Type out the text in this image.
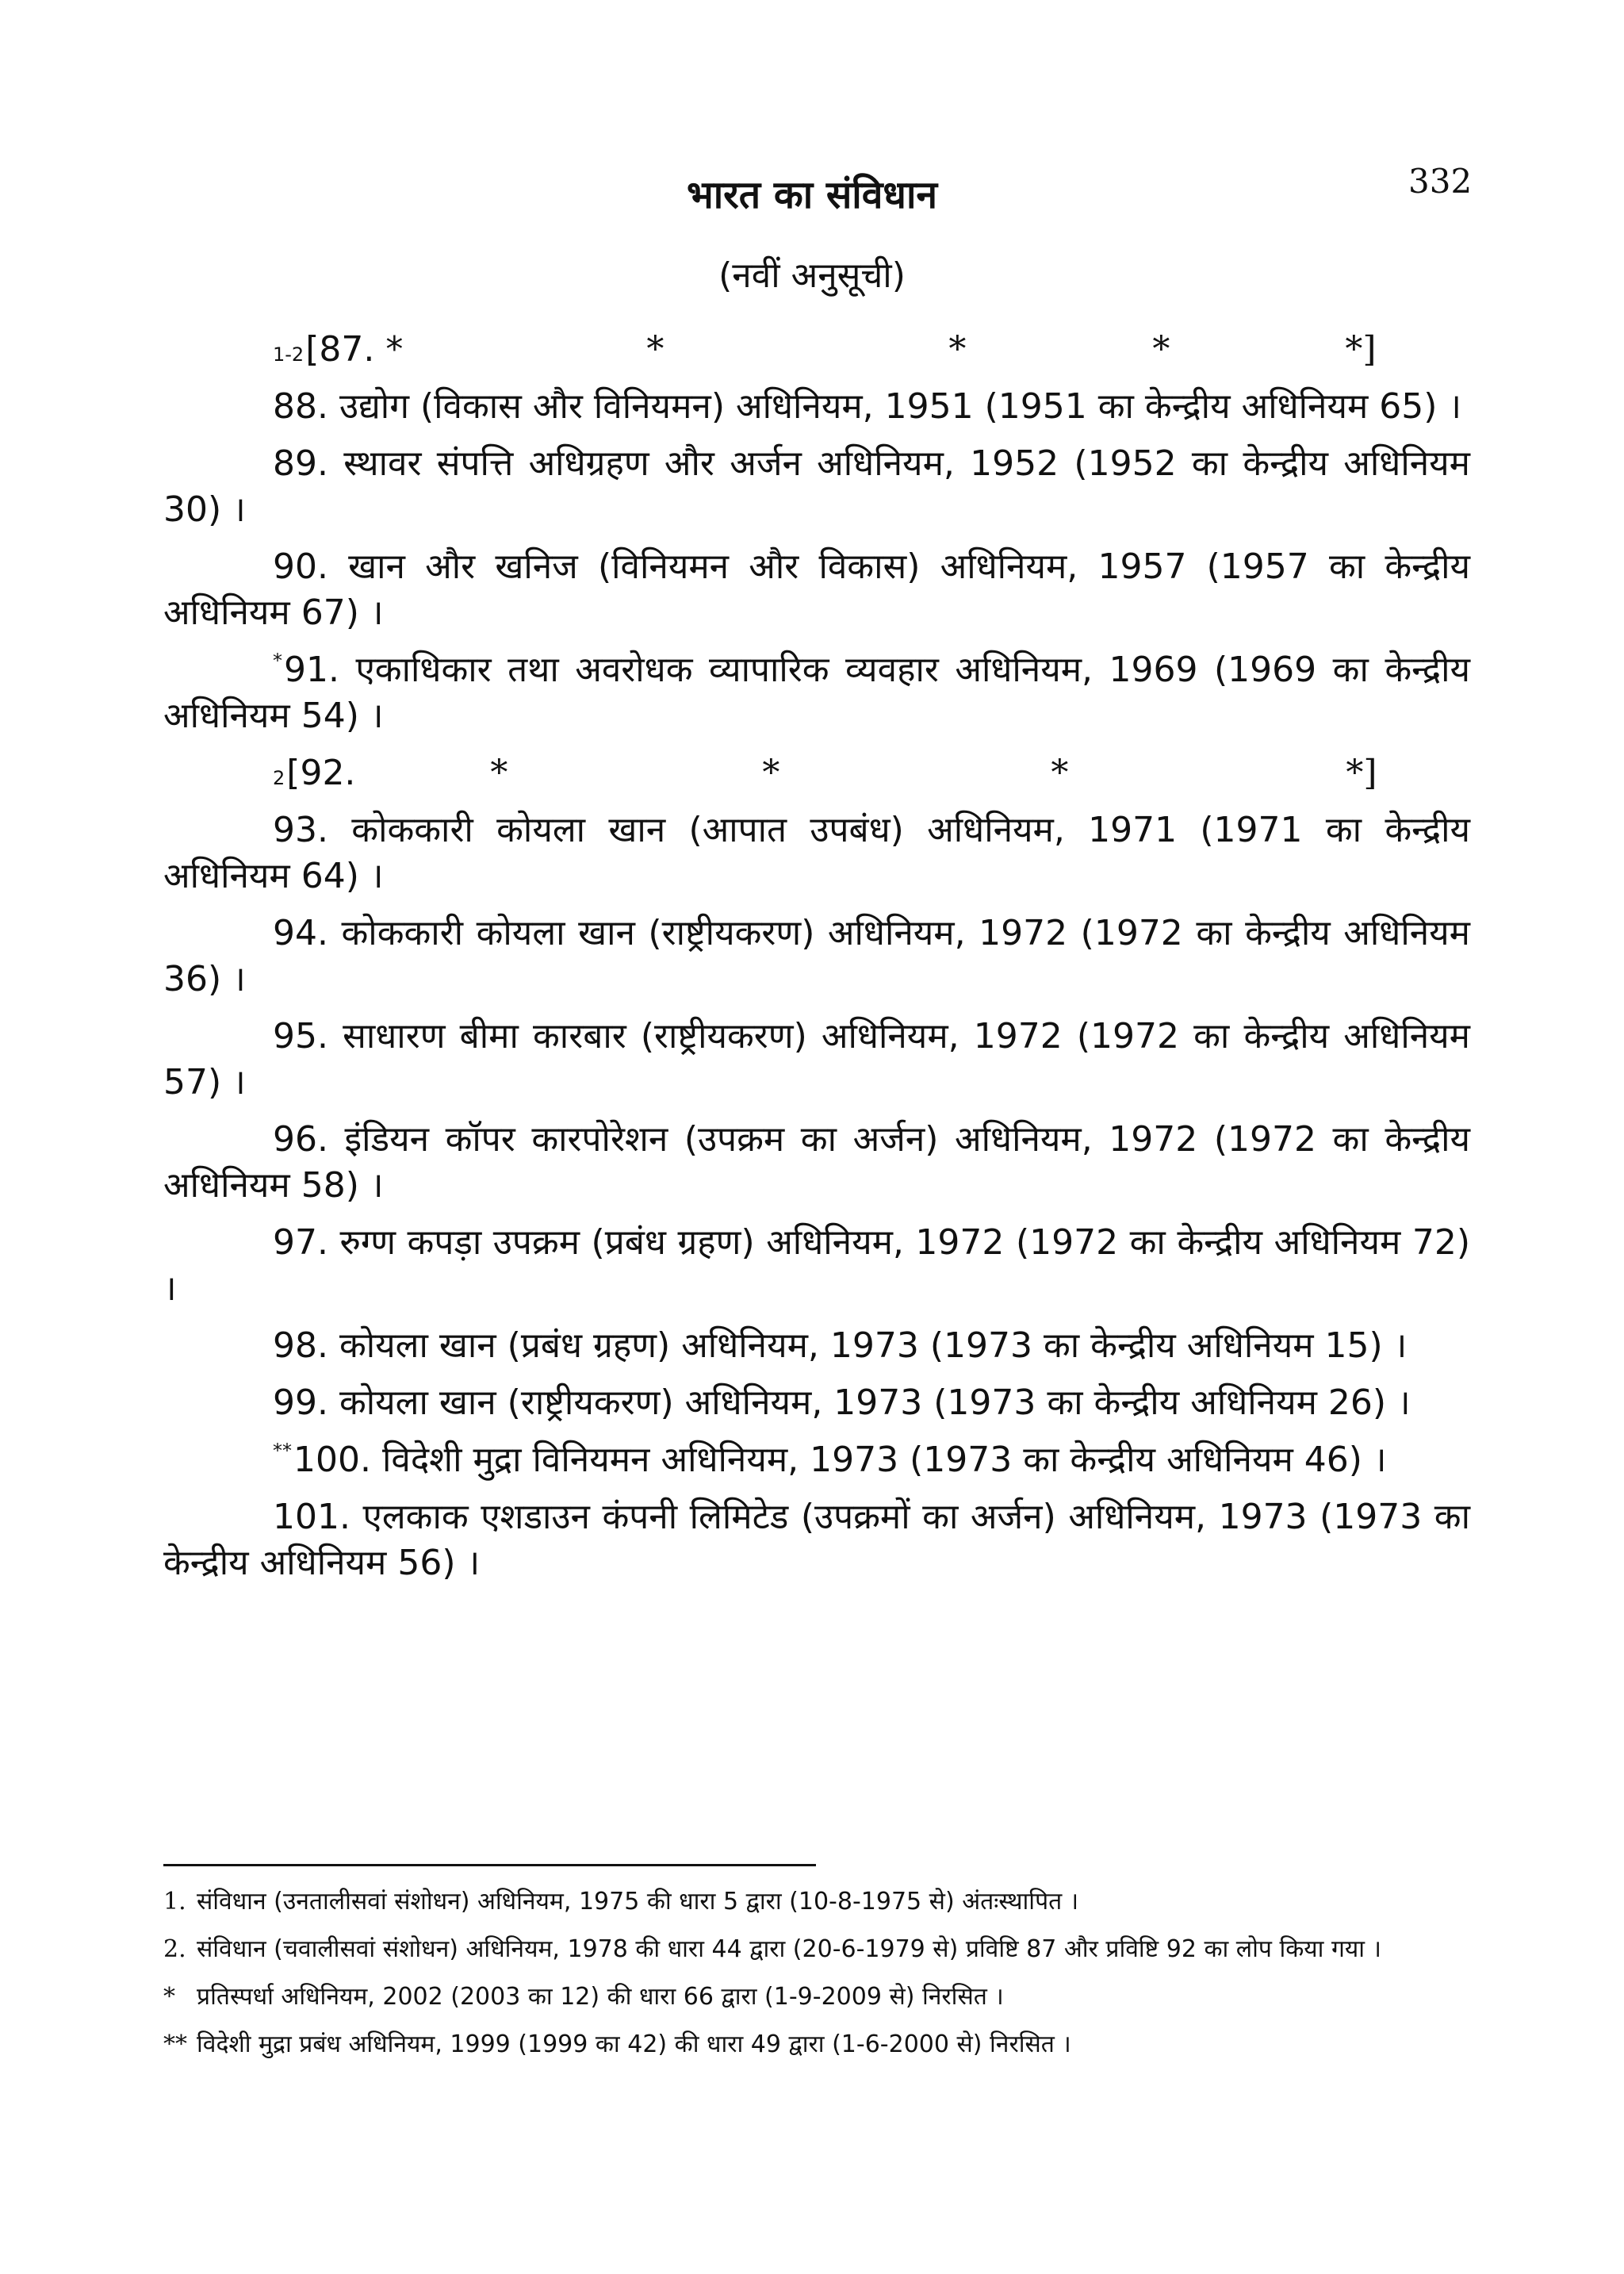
332
भारत का संविधान
(नवीं अनुसूची)
1-2 [87. *	*	*	*	*]

88. उद्योग (विकास और विनियमन) अधिनियम, 1951 (1951 का केन्द्रीय अधिनियम 65) ।

89. स्थावर संपत्ति अधिग्रहण और अर्जन अधिनियम, 1952 (1952 का केन्द्रीय अधिनियम 30) ।

90. खान और खनिज (विनियमन और विकास) अधिनियम, 1957 (1957 का केन्द्रीय अधिनियम 67) ।

*91. एकाधिकार तथा अवरोधक व्यापारिक व्यवहार अधिनियम, 1969 (1969 का केन्द्रीय अधिनियम 54) ।

2 [92.	*	*	*	*]

93. कोककारी कोयला खान (आपात उपबंध) अधिनियम, 1971 (1971 का केन्द्रीय अधिनियम 64) ।

94. कोककारी कोयला खान (राष्ट्रीयकरण) अधिनियम, 1972 (1972 का केन्द्रीय अधिनियम 36) ।

95. साधारण बीमा कारबार (राष्ट्रीयकरण) अधिनियम, 1972 (1972 का केन्द्रीय अधिनियम 57) ।

96. इंडियन कॉपर कारपोरेशन (उपक्रम का अर्जन) अधिनियम, 1972 (1972 का केन्द्रीय अधिनियम 58) ।

97. रुग्ण कपड़ा उपक्रम (प्रबंध ग्रहण) अधिनियम, 1972 (1972 का केन्द्रीय अधिनियम 72) ।

98. कोयला खान (प्रबंध ग्रहण) अधिनियम, 1973 (1973 का केन्द्रीय अधिनियम 15) ।

99. कोयला खान (राष्ट्रीयकरण) अधिनियम, 1973 (1973 का केन्द्रीय अधिनियम 26) ।

**100. विदेशी मुद्रा विनियमन अधिनियम, 1973 (1973 का केन्द्रीय अधिनियम 46) ।

101. एलकाक एशडाउन कंपनी लिमिटेड (उपक्रमों का अर्जन) अधिनियम, 1973 (1973 का केन्द्रीय अधिनियम 56) ।

1. संविधान (उनतालीसवां संशोधन) अधिनियम, 1975 की धारा 5 द्वारा (10-8-1975 से) अंतःस्थापित ।
2. संविधान (चवालीसवां संशोधन) अधिनियम, 1978 की धारा 44 द्वारा (20-6-1979 से) प्रविष्टि 87 और प्रविष्टि 92 का लोप किया गया ।
* प्रतिस्पर्धा अधिनियम, 2002 (2003 का 12) की धारा 66 द्वारा (1-9-2009 से) निरसित ।
** विदेशी मुद्रा प्रबंध अधिनियम, 1999 (1999 का 42) की धारा 49 द्वारा (1-6-2000 से) निरसित ।
